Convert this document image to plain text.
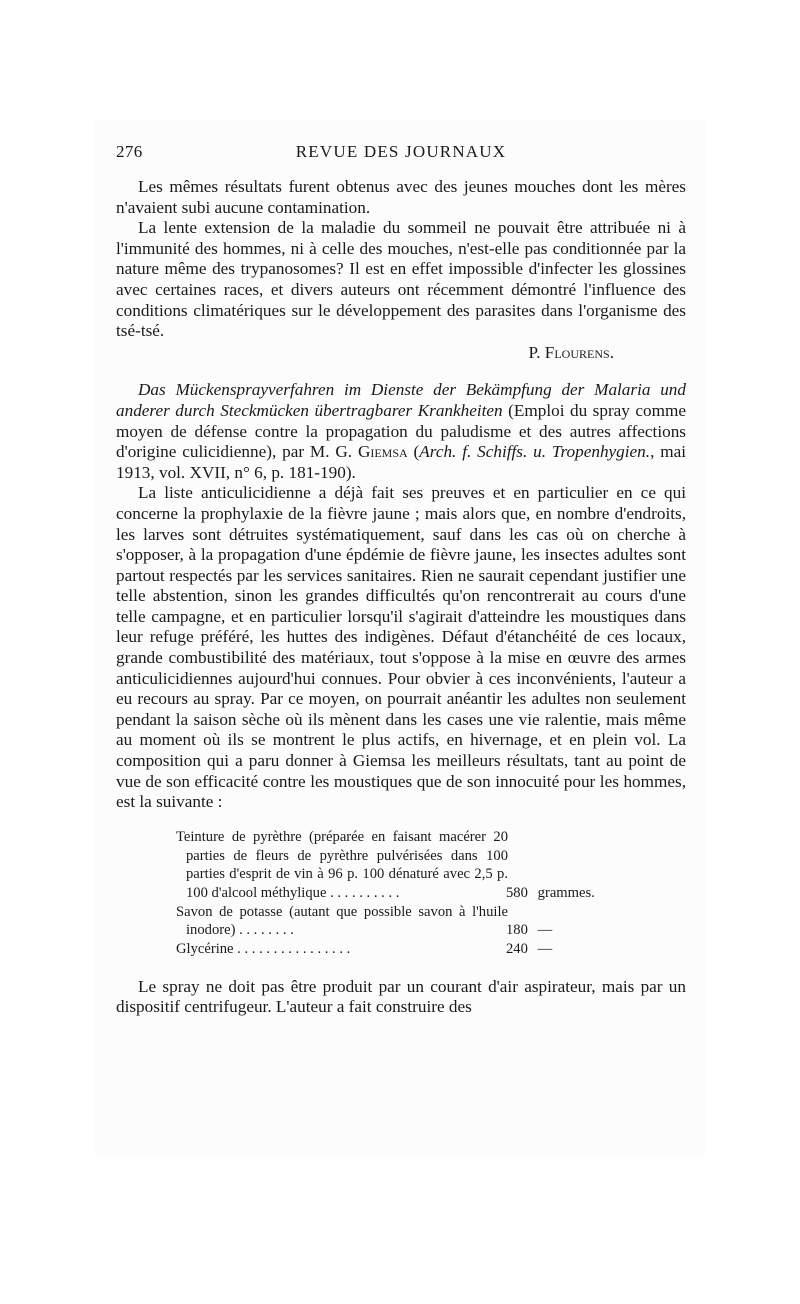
276	REVUE DES JOURNAUX

Les mêmes résultats furent obtenus avec des jeunes mouches dont les mères n'avaient subi aucune contamination.

La lente extension de la maladie du sommeil ne pouvait être attribuée ni à l'immunité des hommes, ni à celle des mouches, n'est-elle pas conditionnée par la nature même des trypanosomes? Il est en effet impossible d'infecter les glossines avec certaines races, et divers auteurs ont récemment démontré l'influence des conditions climatériques sur le développement des parasites dans l'organisme des tsé-tsé.

P. Flourens.

Das Mückensprayverfahren im Dienste der Bekämpfung der Malaria und anderer durch Steckmücken übertragbarer Krankheiten (Emploi du spray comme moyen de défense contre la propagation du paludisme et des autres affections d'origine culicidienne), par M. G. Giemsa (Arch. f. Schiffs. u. Tropenhygien., mai 1913, vol. XVII, n° 6, p. 181-190).

La liste anticulicidienne a déjà fait ses preuves et en particulier en ce qui concerne la prophylaxie de la fièvre jaune ; mais alors que, en nombre d'endroits, les larves sont détruites systématiquement, sauf dans les cas où on cherche à s'opposer, à la propagation d'une épdémie de fièvre jaune, les insectes adultes sont partout respectés par les services sanitaires. Rien ne saurait cependant justifier une telle abstention, sinon les grandes difficultés qu'on rencontrerait au cours d'une telle campagne, et en particulier lorsqu'il s'agirait d'atteindre les moustiques dans leur refuge préféré, les huttes des indigènes. Défaut d'étanchéité de ces locaux, grande combustibilité des matériaux, tout s'oppose à la mise en œuvre des armes anticulicidiennes aujourd'hui connues. Pour obvier à ces inconvénients, l'auteur a eu recours au spray. Par ce moyen, on pourrait anéantir les adultes non seulement pendant la saison sèche où ils mènent dans les cases une vie ralentie, mais même au moment où ils se montrent le plus actifs, en hivernage, et en plein vol. La composition qui a paru donner à Giemsa les meilleurs résultats, tant au point de vue de son efficacité contre les moustiques que de son innocuité pour les hommes, est la suivante :

Teinture de pyrèthre (préparée en faisant macérer 20 parties de fleurs de pyrèthre pulvérisées dans 100 parties d'esprit de vin à 96 p. 100 dénaturé avec 2,5 p. 100 d'alcool méthylique . . . . . . . . . .	580 grammes.
Savon de potasse (autant que possible savon à l'huile inodore) . . . . . . . .	180 —
Glycérine . . . . . . . . . . . . . . . .	240 —

Le spray ne doit pas être produit par un courant d'air aspirateur, mais par un dispositif centrifugeur. L'auteur a fait construire des
